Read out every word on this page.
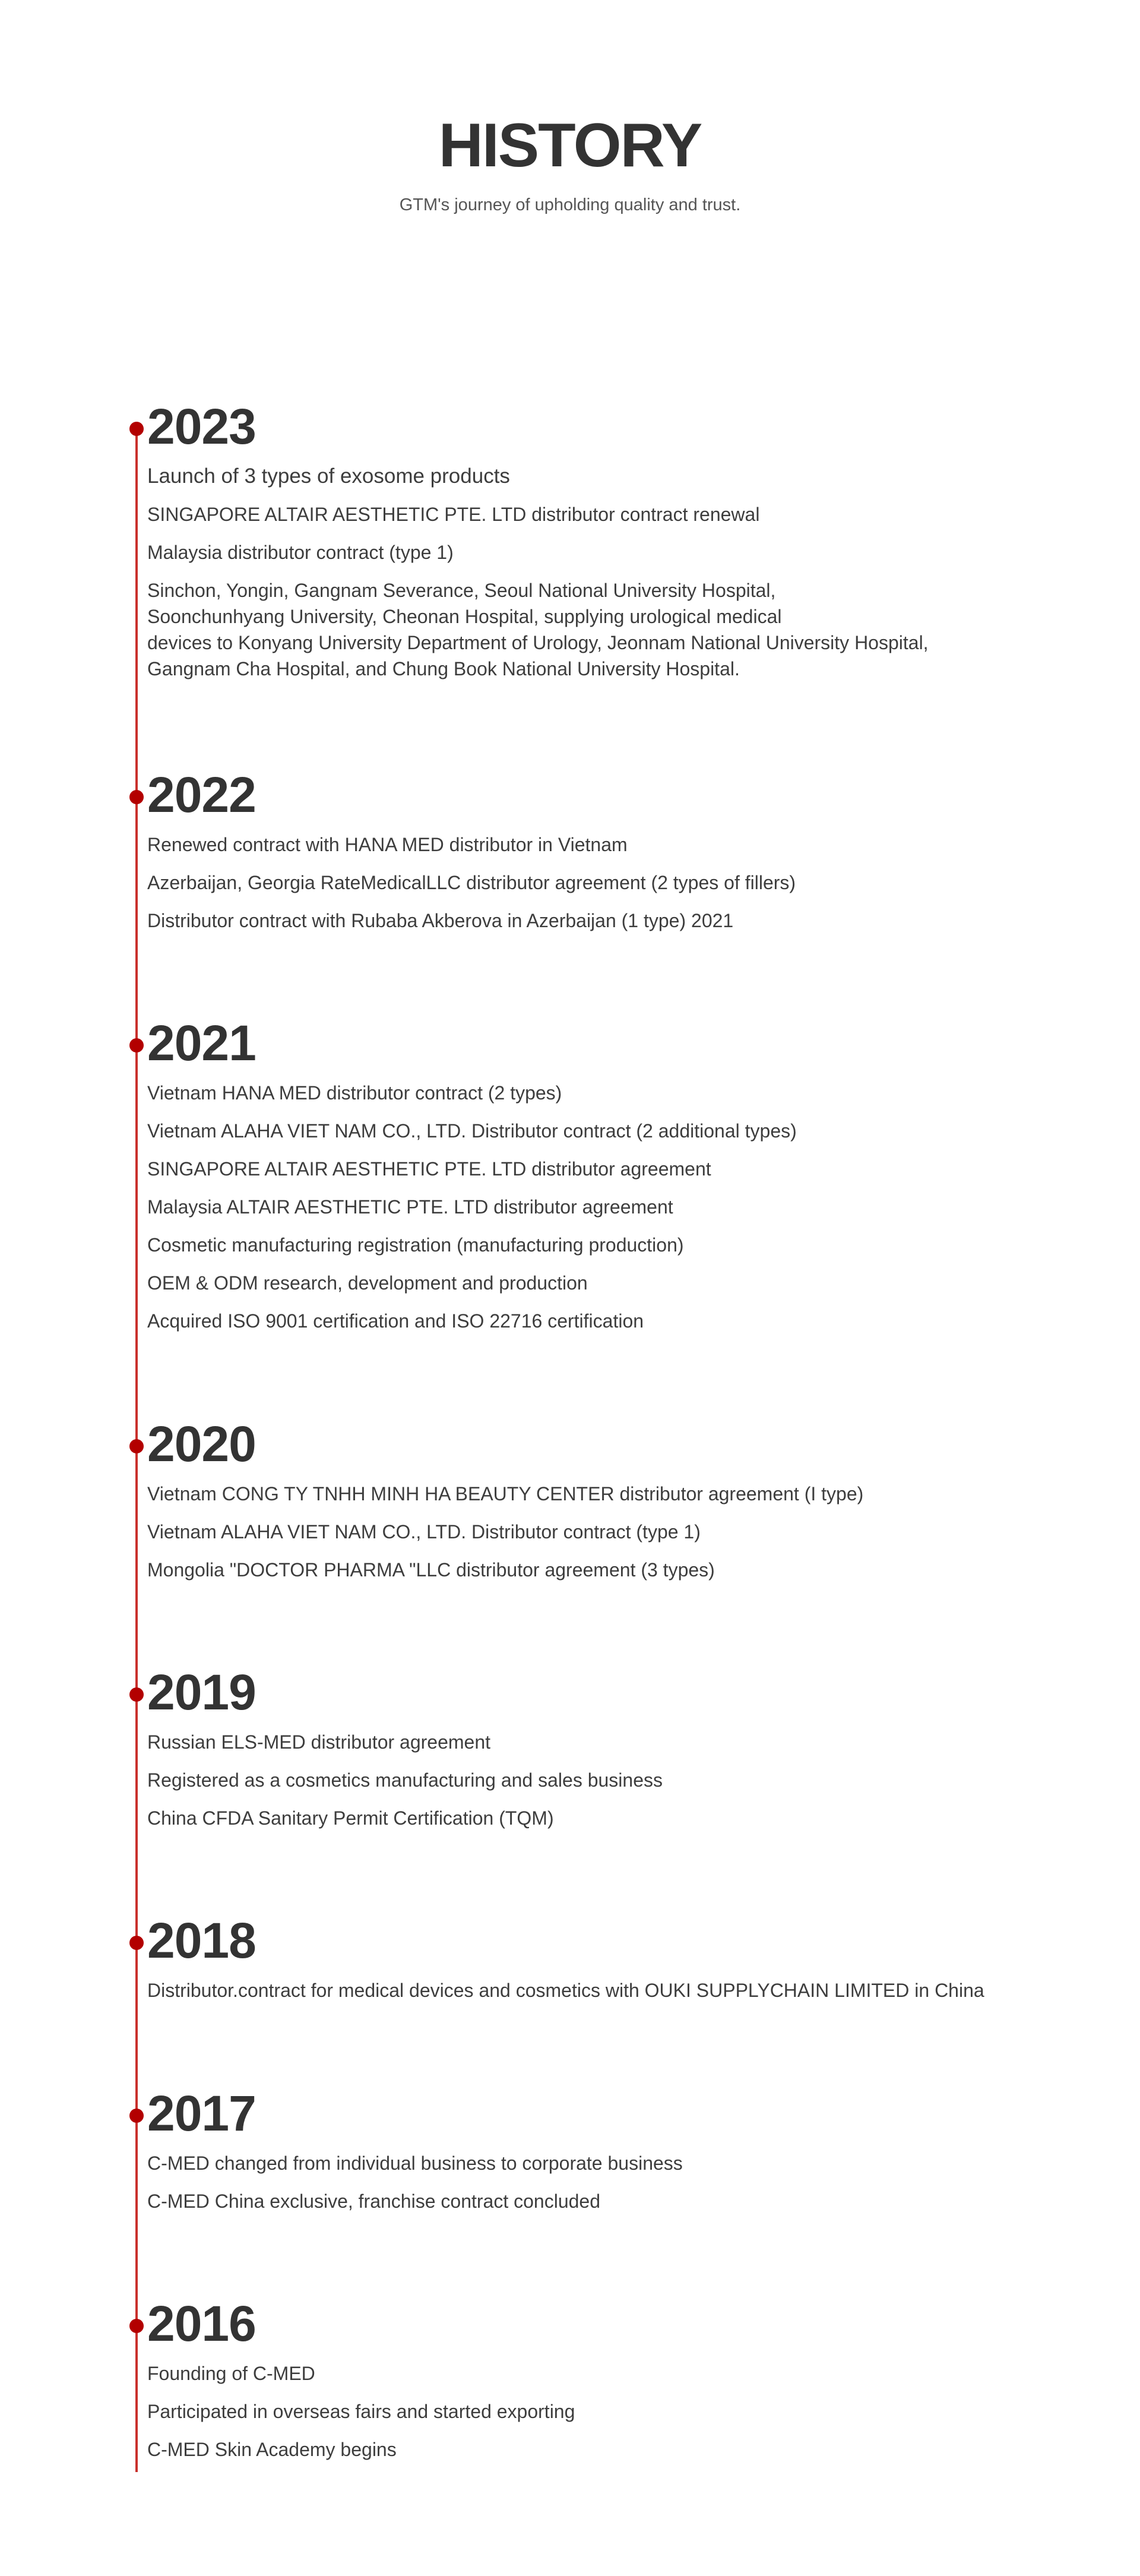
HISTORY

GTM's journey of upholding quality and trust.

2023

Launch of 3 types of exosome products

SINGAPORE ALTAIR AESTHETIC PTE. LTD distributor contract renewal

Malaysia distributor contract (type 1)

Sinchon, Yongin, Gangnam Severance, Seoul National University Hospital,
Soonchunhyang University, Cheonan Hospital, supplying urological medical
devices to Konyang University Department of Urology, Jeonnam National University Hospital,
Gangnam Cha Hospital, and Chung Book National University Hospital.

2022

Renewed contract with HANA MED distributor in Vietnam

Azerbaijan, Georgia RateMedicalLLC distributor agreement (2 types of fillers)

Distributor contract with Rubaba Akberova in Azerbaijan (1 type) 2021

2021

Vietnam HANA MED distributor contract (2 types)

Vietnam ALAHA VIET NAM CO., LTD. Distributor contract (2 additional types)

SINGAPORE ALTAIR AESTHETIC PTE. LTD distributor agreement

Malaysia ALTAIR AESTHETIC PTE. LTD distributor agreement

Cosmetic manufacturing registration (manufacturing production)

OEM & ODM research, development and production

Acquired ISO 9001 certification and ISO 22716 certification

2020

Vietnam CONG TY TNHH MINH HA BEAUTY CENTER distributor agreement (I type)

Vietnam ALAHA VIET NAM CO., LTD. Distributor contract (type 1)

Mongolia "DOCTOR PHARMA "LLC distributor agreement (3 types)

2019

Russian ELS-MED distributor agreement

Registered as a cosmetics manufacturing and sales business

China CFDA Sanitary Permit Certification (TQM)

2018

Distributor.contract for medical devices and cosmetics with OUKI SUPPLYCHAIN LIMITED in China

2017

C-MED changed from individual business to corporate business

C-MED China exclusive, franchise contract concluded

2016

Founding of C-MED

Participated in overseas fairs and started exporting

C-MED Skin Academy begins
